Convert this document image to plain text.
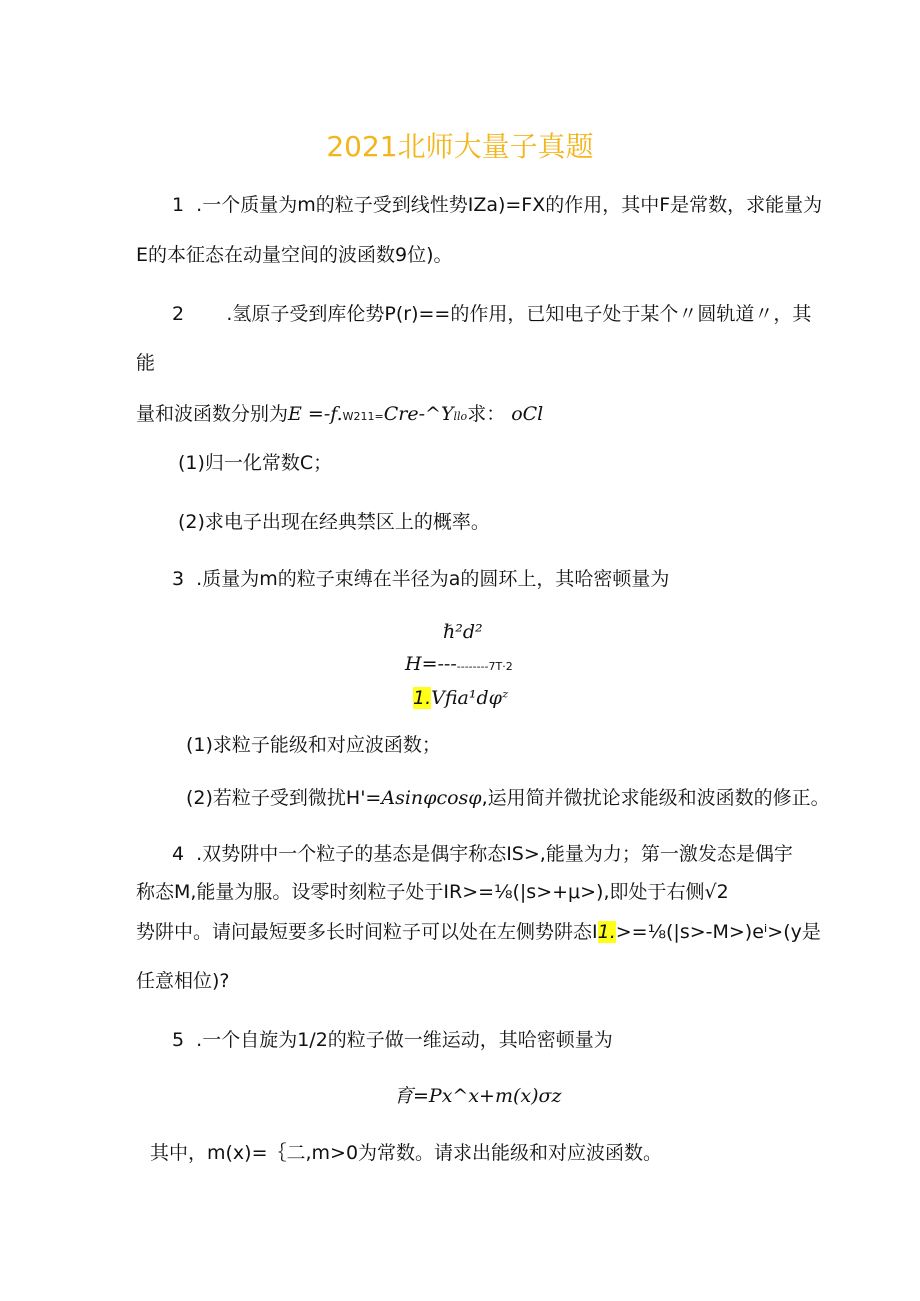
2021北师大量子真题
1  .一个质量为m的粒子受到线性势IZa)=FX的作用，其中F是常数，求能量为
E的本征态在动量空间的波函数9位)。
2       .氢原子受到库伦势P(r)==的作用，已知电子处于某个〃圆轨道〃，其
能
量和波函数分别为E =-f.W211=Cre-^Yllo求： oCl
(1)归一化常数C；
(2)求电子出现在经典禁区上的概率。
3  .质量为m的粒子束缚在半径为a的圆环上，其哈密顿量为
ℏ²d²
H=-----------7T·2
1.Vfia¹dφᶻ
(1)求粒子能级和对应波函数；
(2)若粒子受到微扰H'=Asinφcosφ,运用简并微扰论求能级和波函数的修正。
4  .双势阱中一个粒子的基态是偶宇称态IS>,能量为力；第一激发态是偶宇
称态M,能量为服。设零时刻粒子处于IR>=⅛(|s>+μ>),即处于右侧√2
势阱中。请问最短要多长时间粒子可以处在左侧势阱态I1.>=⅛(|s>-M>)eⁱ>(y是
任意相位)?
5  .一个自旋为1/2的粒子做一维运动，其哈密顿量为
育=Px^x+m(x)σz
其中，m(x)=｛二,m>0为常数。请求出能级和对应波函数。
